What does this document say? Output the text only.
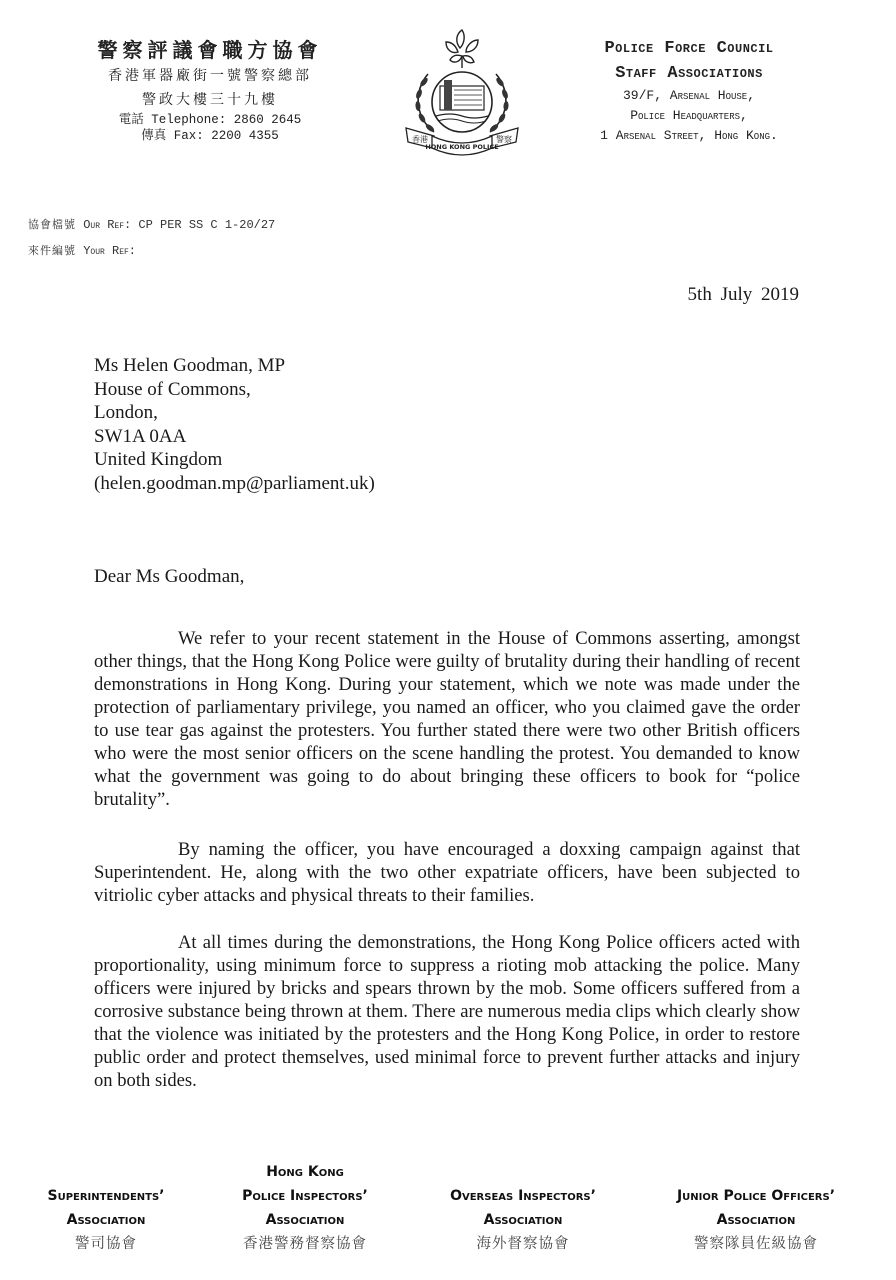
警察評議會職方協會
香港軍器廠街一號警察總部
警政大樓三十九樓
電話 Telephone: 2860 2645
傳真 Fax: 2200 4355
HONG KONG POLICE
香港	警察
Police Force Council
Staff Associations
39/F, Arsenal House,
Police Headquarters,
1 Arsenal Street, Hong Kong.
協會檔號 Our Ref: CP PER SS C 1-20/27
來件編號 Your Ref:
5th July 2019
Ms Helen Goodman, MP
House of Commons,
London,
SW1A 0AA
United Kingdom
(helen.goodman.mp@parliament.uk)
Dear Ms Goodman,
We refer to your recent statement in the House of Commons asserting, amongst other things, that the Hong Kong Police were guilty of brutality during their handling of recent demonstrations in Hong Kong. During your statement, which we note was made under the protection of parliamentary privilege, you named an officer, who you claimed gave the order to use tear gas against the protesters. You further stated there were two other British officers who were the most senior officers on the scene handling the protest. You demanded to know what the government was going to do about bringing these officers to book for “police brutality”.
By naming the officer, you have encouraged a doxxing campaign against that Superintendent. He, along with the two other expatriate officers, have been subjected to vitriolic cyber attacks and physical threats to their families.
At all times during the demonstrations, the Hong Kong Police officers acted with proportionality, using minimum force to suppress a rioting mob attacking the police. Many officers were injured by bricks and spears thrown by the mob. Some officers suffered from a corrosive substance being thrown at them. There are numerous media clips which clearly show that the violence was initiated by the protesters and the Hong Kong Police, in order to restore public order and protect themselves, used minimal force to prevent further attacks and injury on both sides.
Superintendents’
Association
警司協會
Hong Kong
Police Inspectors’
Association
香港警務督察協會
Overseas Inspectors’
Association
海外督察協會
Junior Police Officers’
Association
警察隊員佐級協會
